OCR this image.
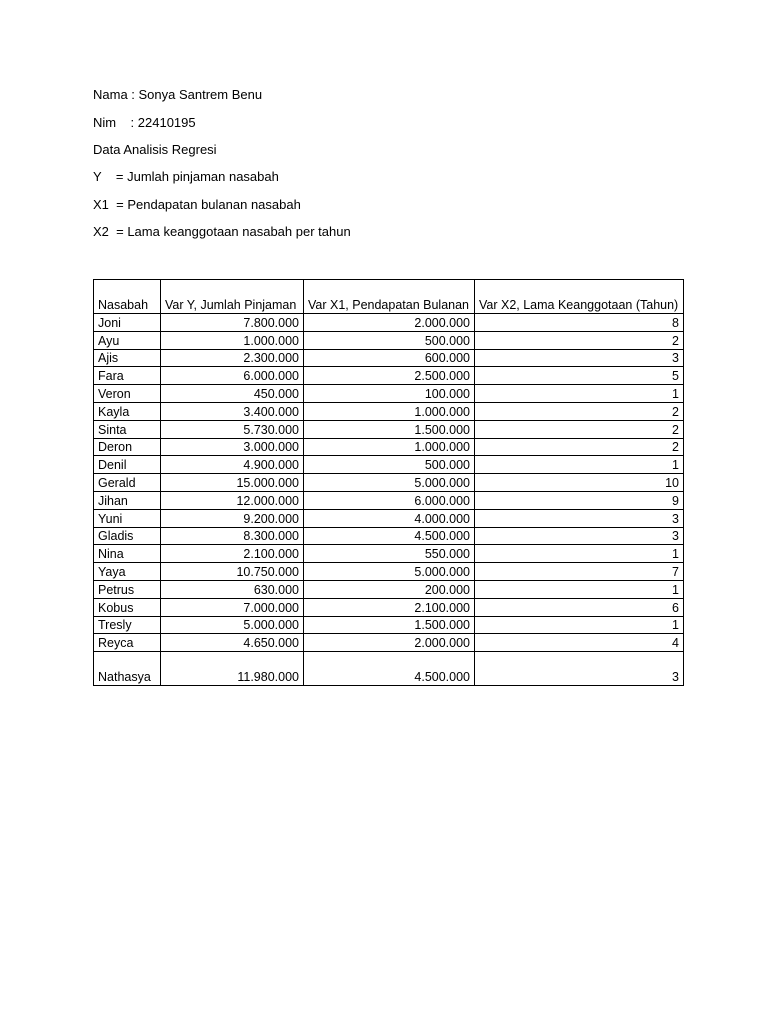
Nama : Sonya Santrem Benu
Nim    : 22410195
Data Analisis Regresi
Y    = Jumlah pinjaman nasabah
X1  = Pendapatan bulanan nasabah
X2  = Lama keanggotaan nasabah per tahun
Nasabah	Var Y, Jumlah Pinjaman	Var X1, Pendapatan Bulanan	Var X2, Lama Keanggotaan (Tahun)
Joni	7.800.000	2.000.000	8
Ayu	1.000.000	500.000	2
Ajis	2.300.000	600.000	3
Fara	6.000.000	2.500.000	5
Veron	450.000	100.000	1
Kayla	3.400.000	1.000.000	2
Sinta	5.730.000	1.500.000	2
Deron	3.000.000	1.000.000	2
Denil	4.900.000	500.000	1
Gerald	15.000.000	5.000.000	10
Jihan	12.000.000	6.000.000	9
Yuni	9.200.000	4.000.000	3
Gladis	8.300.000	4.500.000	3
Nina	2.100.000	550.000	1
Yaya	10.750.000	5.000.000	7
Petrus	630.000	200.000	1
Kobus	7.000.000	2.100.000	6
Tresly	5.000.000	1.500.000	1
Reyca	4.650.000	2.000.000	4
Nathasya	11.980.000	4.500.000	3
